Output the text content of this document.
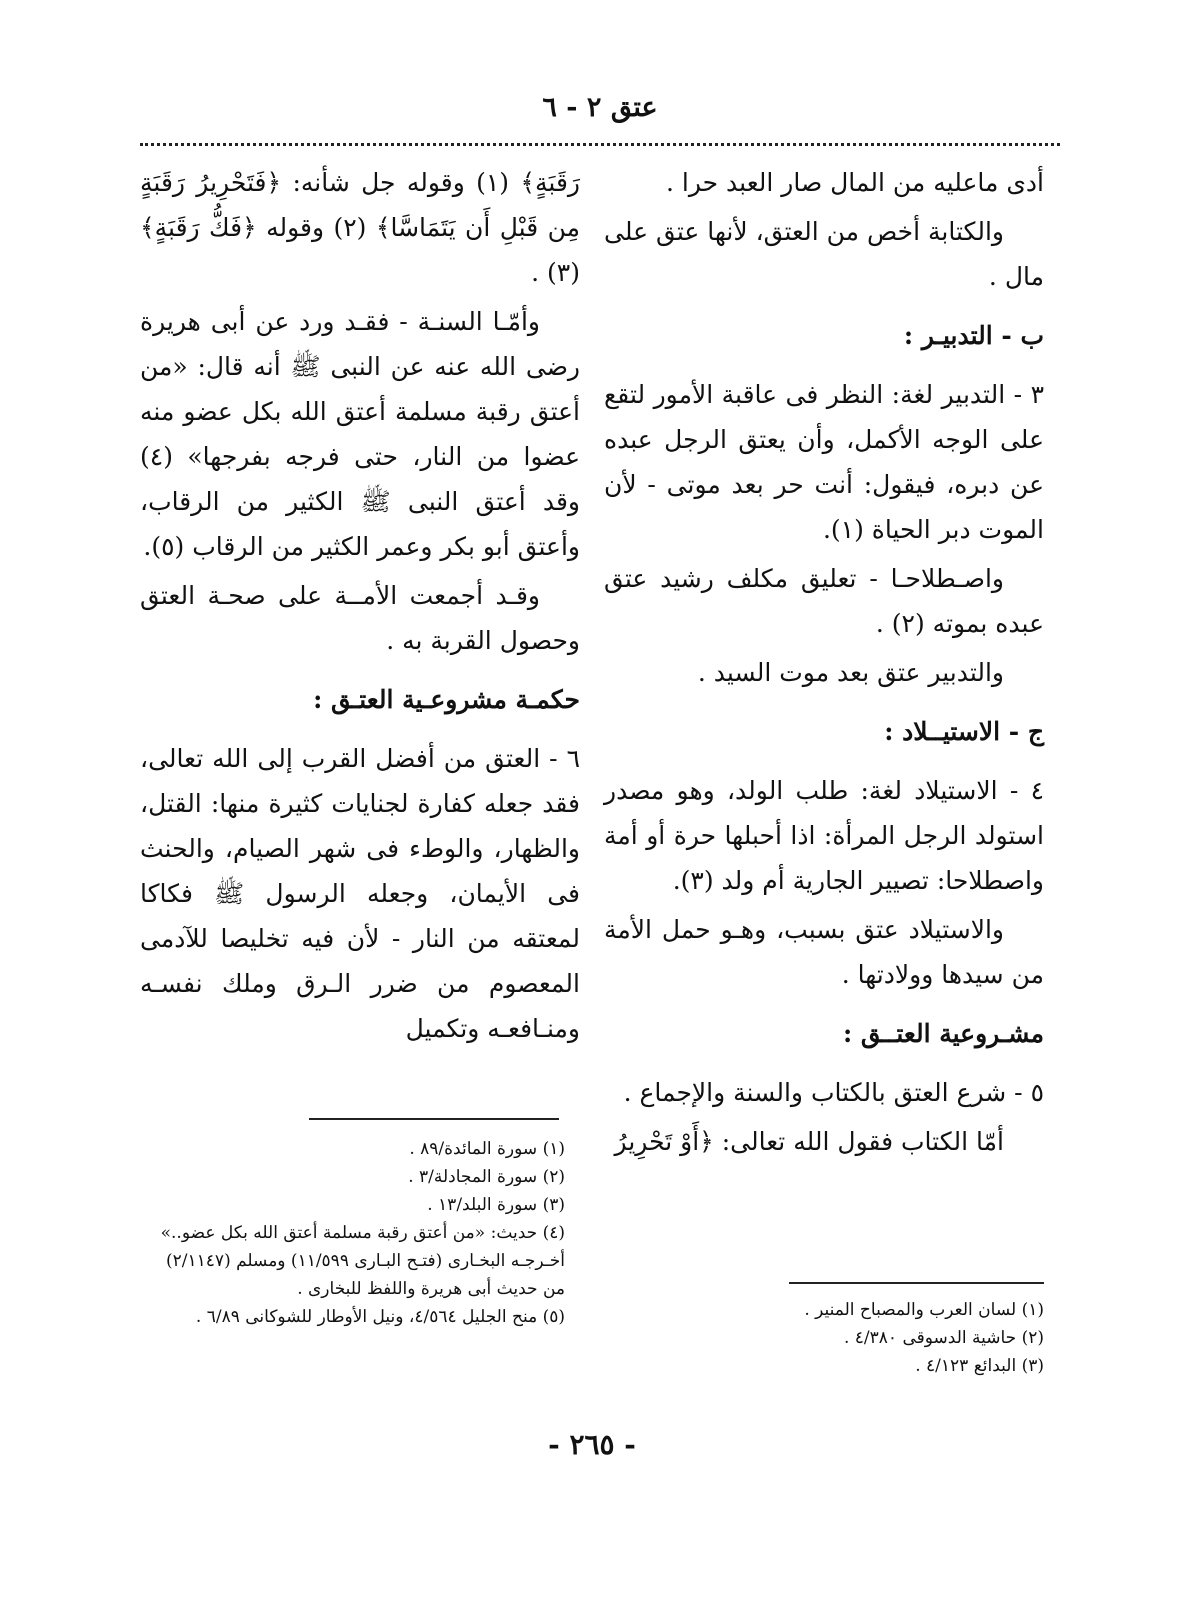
عتق ٢ - ٦

أدى ماعليه من المال صار العبد حرا .

والكتابة أخص من العتق، لأنها عتق على مال .

ب - التدبيـر :

٣ - التدبير لغة: النظر فى عاقبة الأمور لتقع على الوجه الأكمل، وأن يعتق الرجل عبده عن دبره، فيقول: أنت حر بعد موتى - لأن الموت دبر الحياة (١).

واصـطلاحـا - تعليق مكلف رشيد عتق عبده بموته (٢) .

والتدبير عتق بعد موت السيد .

ج - الاستيــلاد :

٤ - الاستيلاد لغة: طلب الولد، وهو مصدر استولد الرجل المرأة: اذا أحبلها حرة أو أمة واصطلاحا: تصيير الجارية أم ولد (٣).

والاستيلاد عتق بسبب، وهـو حمل الأمة من سيدها وولادتها .

مشـروعية العتــق :

٥ - شرع العتق بالكتاب والسنة والإجماع .

أمّا الكتاب فقول الله تعالى: ﴿أَوْ تَحْرِيرُ

رَقَبَةٍ﴾ (١) وقوله جل شأنه: ﴿فَتَحْرِيرُ رَقَبَةٍ مِن قَبْلِ أَن يَتَمَاسَّا﴾ (٢) وقوله ﴿فَكُّ رَقَبَةٍ﴾ (٣) .

وأمّـا السنـة - فقـد ورد عن أبى هريرة رضى الله عنه عن النبى ﷺ أنه قال: «من أعتق رقبة مسلمة أعتق الله بكل عضو منه عضوا من النار، حتى فرجه بفرجها» (٤) وقد أعتق النبى ﷺ الكثير من الرقاب، وأعتق أبو بكر وعمر الكثير من الرقاب (٥).

وقـد أجمعت الأمــة على صحـة العتق وحصول القربة به .

حكمـة مشروعـية العتـق :

٦ - العتق من أفضل القرب إلى الله تعالى، فقد جعله كفارة لجنايات كثيرة منها: القتل، والظهار، والوطء فى شهر الصيام، والحنث فى الأيمان، وجعله الرسول ﷺ فكاكا لمعتقه من النار - لأن فيه تخليصا للآدمى المعصوم من ضرر الـرق وملك نفسـه ومنـافعـه وتكميل

(١) سورة المائدة/٨٩ .

(٢) سورة المجادلة/٣ .

(٣) سورة البلد/١٣ .

(٤) حديث: «من أعتق رقبة مسلمة أعتق الله بكل عضو..»

أخـرجـه البخـارى (فتـح البـارى ١١/٥٩٩) ومسلم (٢/١١٤٧) من حديث أبى هريرة واللفظ للبخارى .

(٥) منح الجليل ٤/٥٦٤، ونيل الأوطار للشوكانى ٦/٨٩ .	(١) لسان العرب والمصباح المنير .

(٢) حاشية الدسوقى ٤/٣٨٠ .

(٣) البدائع ٤/١٢٣ .

- ٢٦٥ -
